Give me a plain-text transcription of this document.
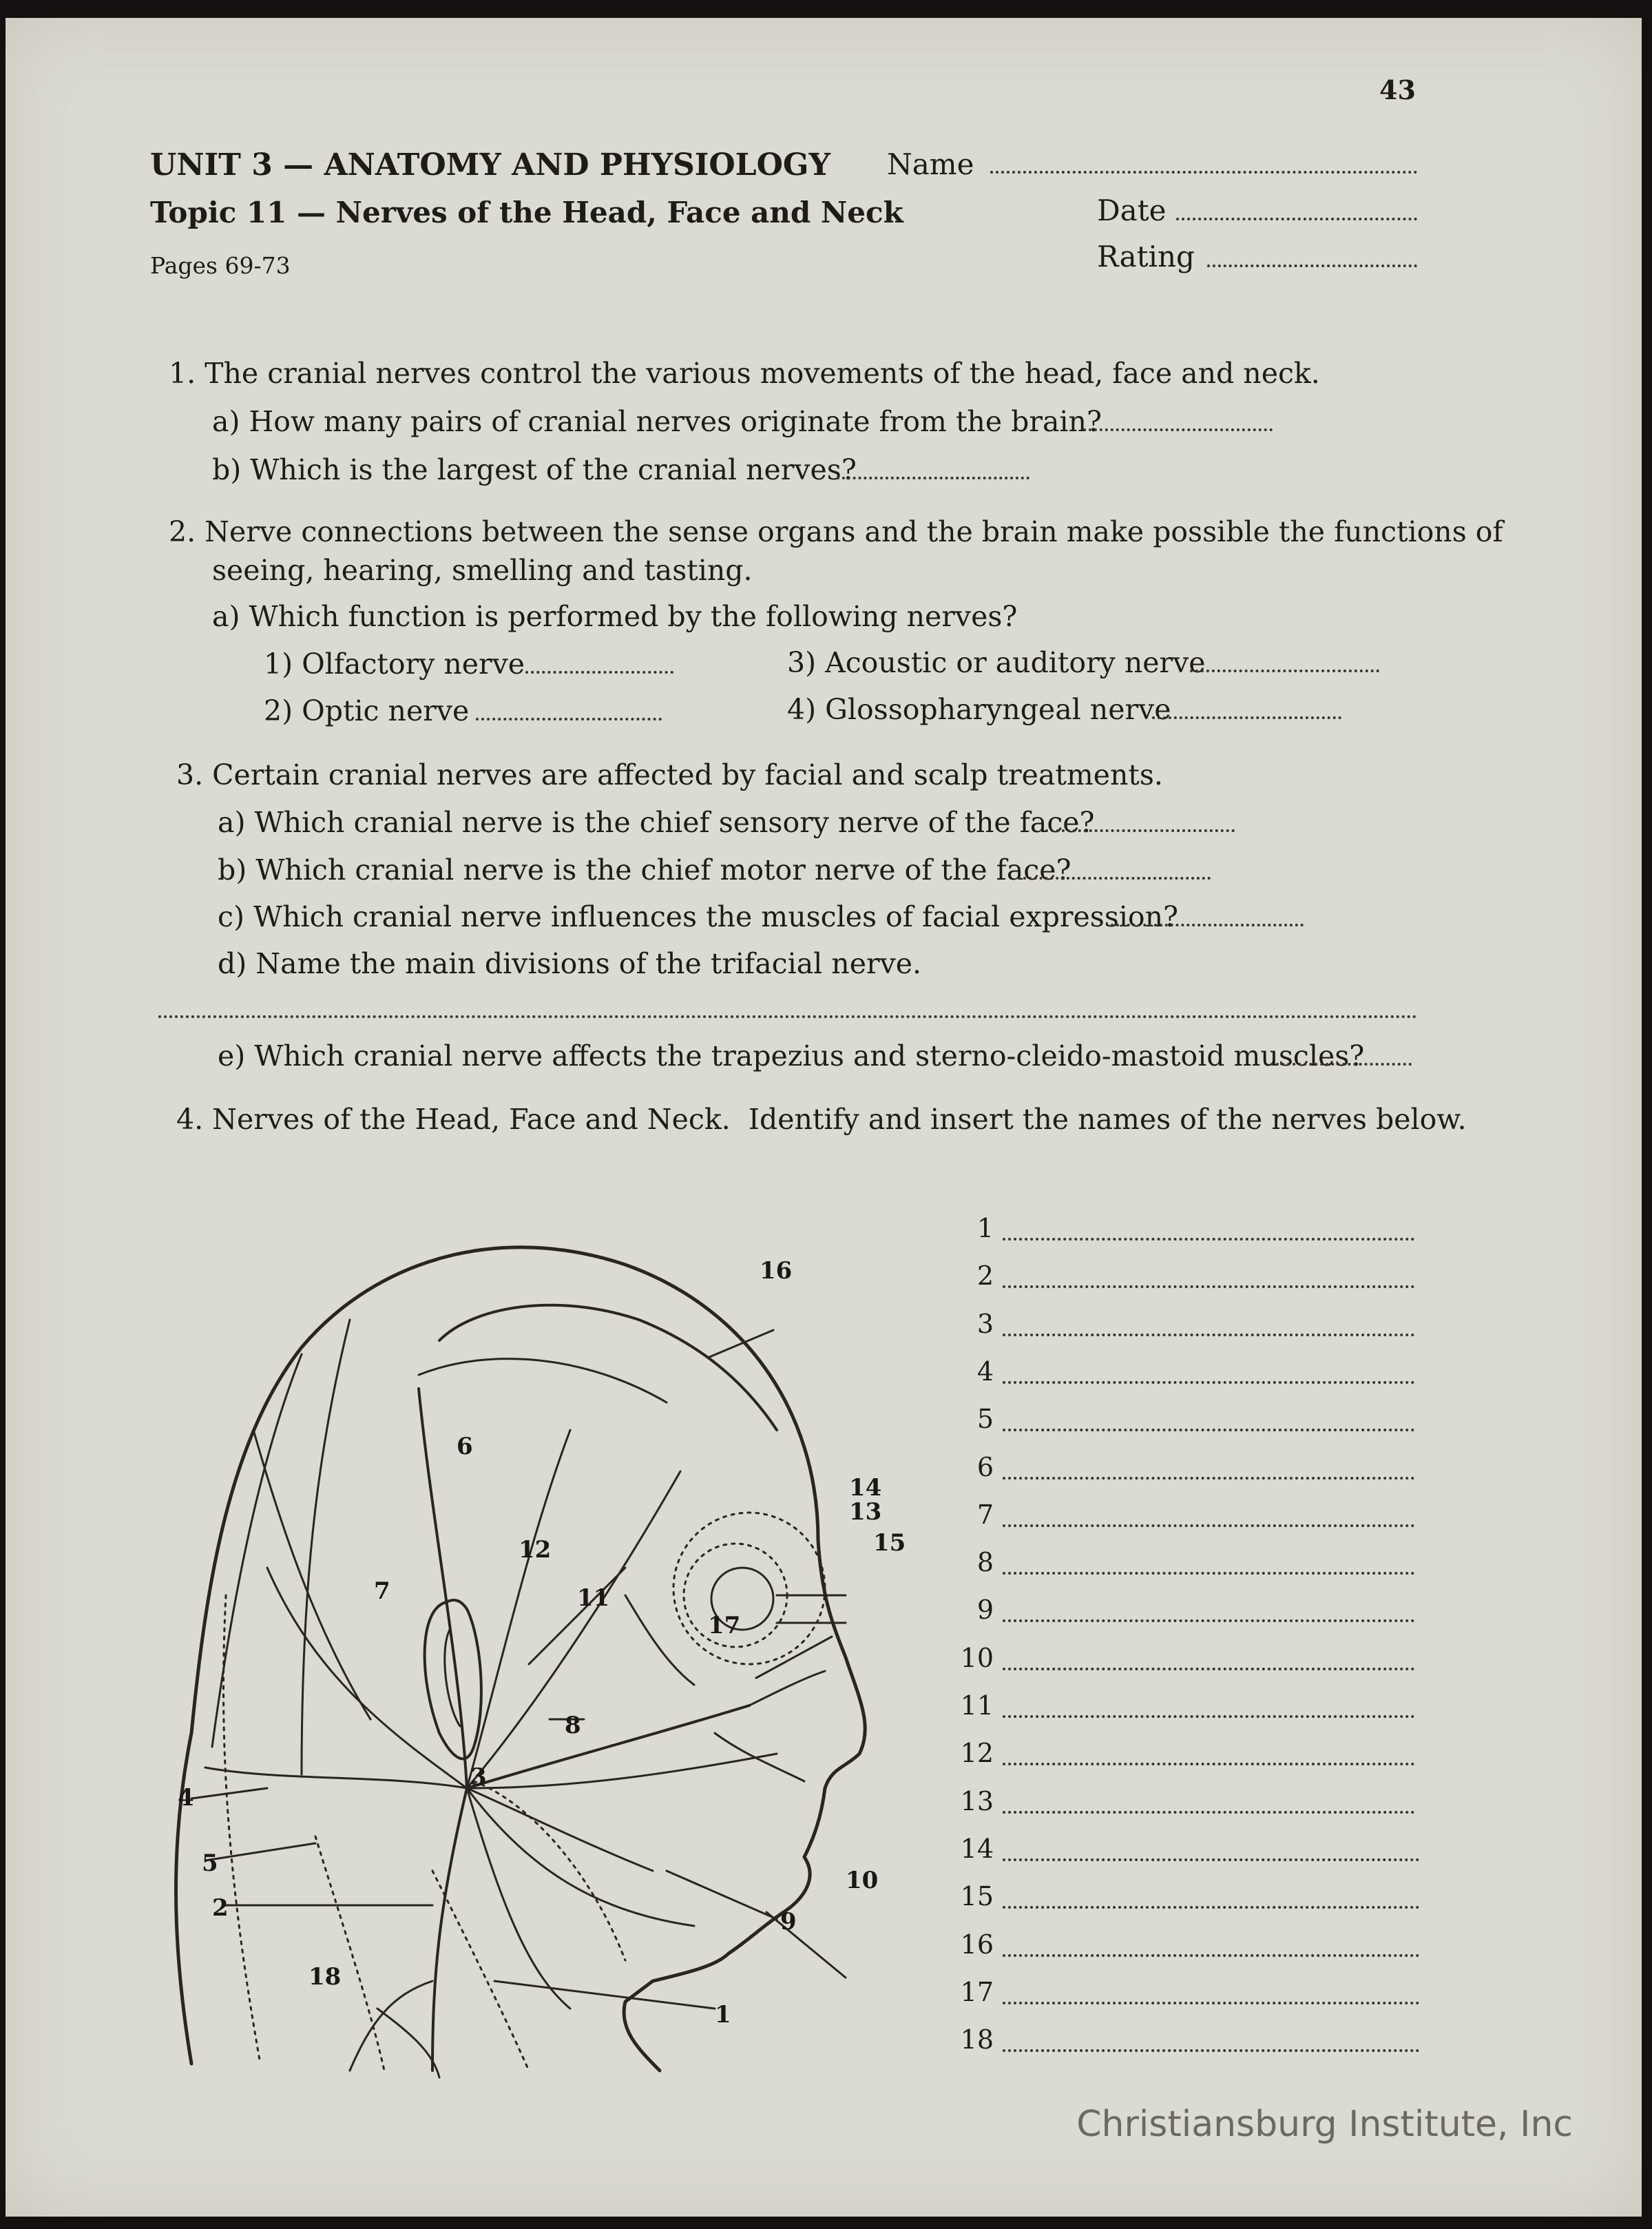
43
UNIT 3 — ANATOMY AND PHYSIOLOGY
Topic 11 — Nerves of the Head, Face and Neck
Pages 69-73
Name
Date
Rating
1. The cranial nerves control the various movements of the head, face and neck.
a) How many pairs of cranial nerves originate from the brain?
b) Which is the largest of the cranial nerves?
2. Nerve connections between the sense organs and the brain make possible the functions of
seeing, hearing, smelling and tasting.
a) Which function is performed by the following nerves?
1) Olfactory nerve
2) Optic nerve
3) Acoustic or auditory nerve
4) Glossopharyngeal nerve
3. Certain cranial nerves are affected by facial and scalp treatments.
a) Which cranial nerve is the chief sensory nerve of the face?
b) Which cranial nerve is the chief motor nerve of the face?
c) Which cranial nerve influences the muscles of facial expression?
d) Name the main divisions of the trifacial nerve.
e) Which cranial nerve affects the trapezius and sterno-cleido-mastoid muscles?
4. Nerves of the Head, Face and Neck. Identify and insert the names of the nerves below.
1
2
3
4
5
6
7
8
9
10
11
12
13
14
15
16
17
18
1
2
3
4
5
6
7
8
9
10
11
12
13
14
15
16
17
18
Christiansburg Institute, Inc
